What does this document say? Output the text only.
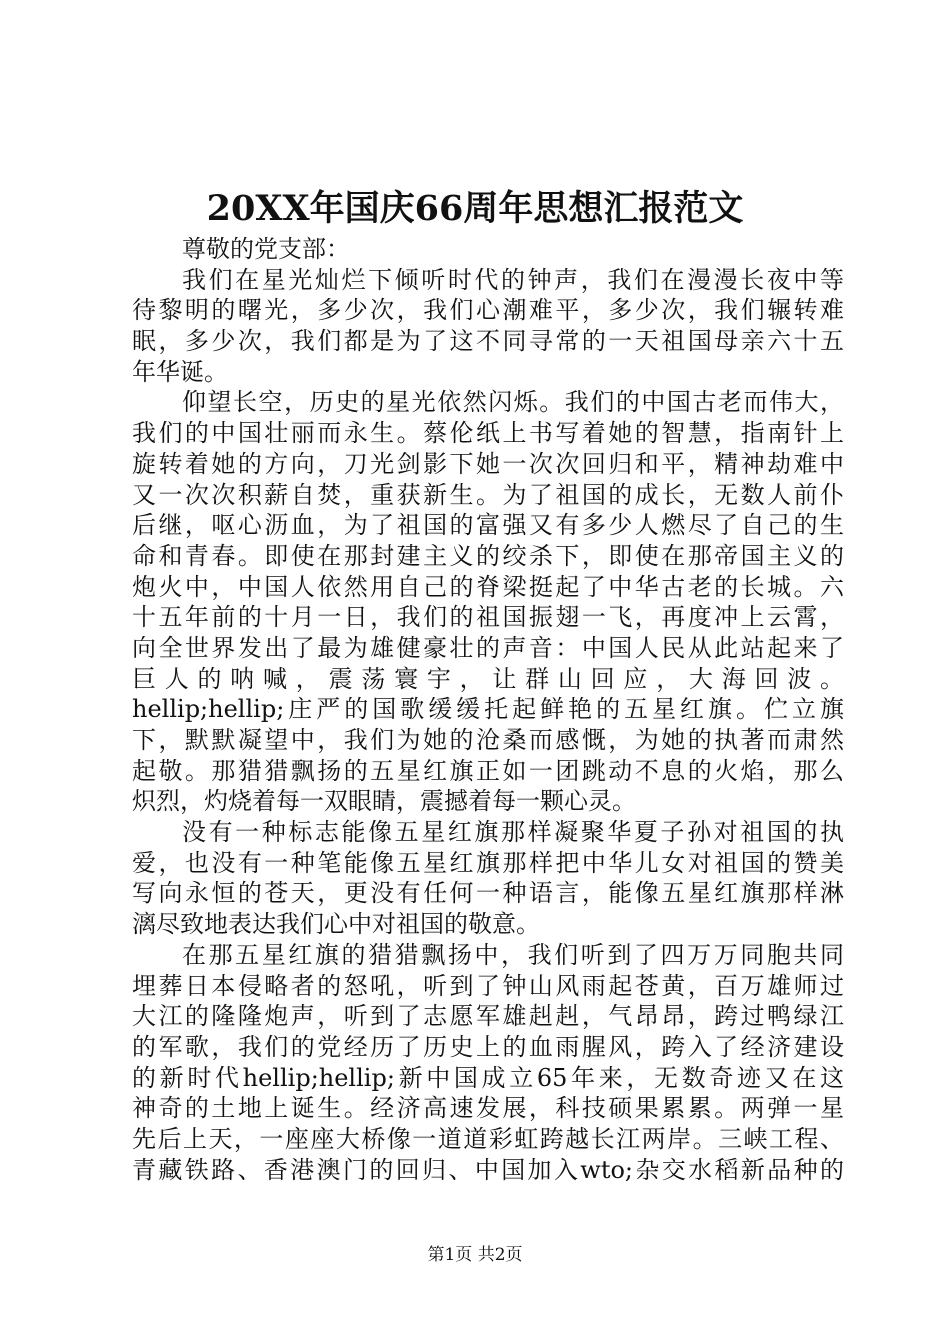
20XX年国庆66周年思想汇报范文
尊敬的党支部：
我们在星光灿烂下倾听时代的钟声，我们在漫漫长夜中等
待黎明的曙光，多少次，我们心潮难平，多少次，我们辗转难
眠，多少次，我们都是为了这不同寻常的一天祖国母亲六十五
年华诞。
仰望长空，历史的星光依然闪烁。我们的中国古老而伟大，
我们的中国壮丽而永生。蔡伦纸上书写着她的智慧，指南针上
旋转着她的方向，刀光剑影下她一次次回归和平，精神劫难中
又一次次积薪自焚，重获新生。为了祖国的成长，无数人前仆
后继，呕心沥血，为了祖国的富强又有多少人燃尽了自己的生
命和青春。即使在那封建主义的绞杀下，即使在那帝国主义的
炮火中，中国人依然用自己的脊梁挺起了中华古老的长城。六
十五年前的十月一日，我们的祖国振翅一飞，再度冲上云霄，
向全世界发出了最为雄健豪壮的声音：中国人民从此站起来了
巨人的呐喊，震荡寰宇，让群山回应，大海回波。
hellip;hellip;庄严的国歌缓缓托起鲜艳的五星红旗。伫立旗
下，默默凝望中，我们为她的沧桑而感慨，为她的执著而肃然
起敬。那猎猎飘扬的五星红旗正如一团跳动不息的火焰，那么
炽烈，灼烧着每一双眼睛，震撼着每一颗心灵。
没有一种标志能像五星红旗那样凝聚华夏子孙对祖国的执
爱，也没有一种笔能像五星红旗那样把中华儿女对祖国的赞美
写向永恒的苍天，更没有任何一种语言，能像五星红旗那样淋
漓尽致地表达我们心中对祖国的敬意。
在那五星红旗的猎猎飘扬中，我们听到了四万万同胞共同
埋葬日本侵略者的怒吼，听到了钟山风雨起苍黄，百万雄师过
大江的隆隆炮声，听到了志愿军雄赳赳，气昂昂，跨过鸭绿江
的军歌，我们的党经历了历史上的血雨腥风，跨入了经济建设
的新时代hellip;hellip;新中国成立65年来，无数奇迹又在这
神奇的土地上诞生。经济高速发展，科技硕果累累。两弹一星
先后上天，一座座大桥像一道道彩虹跨越长江两岸。三峡工程、
青藏铁路、香港澳门的回归、中国加入wto;杂交水稻新品种的
第1页 共2页
